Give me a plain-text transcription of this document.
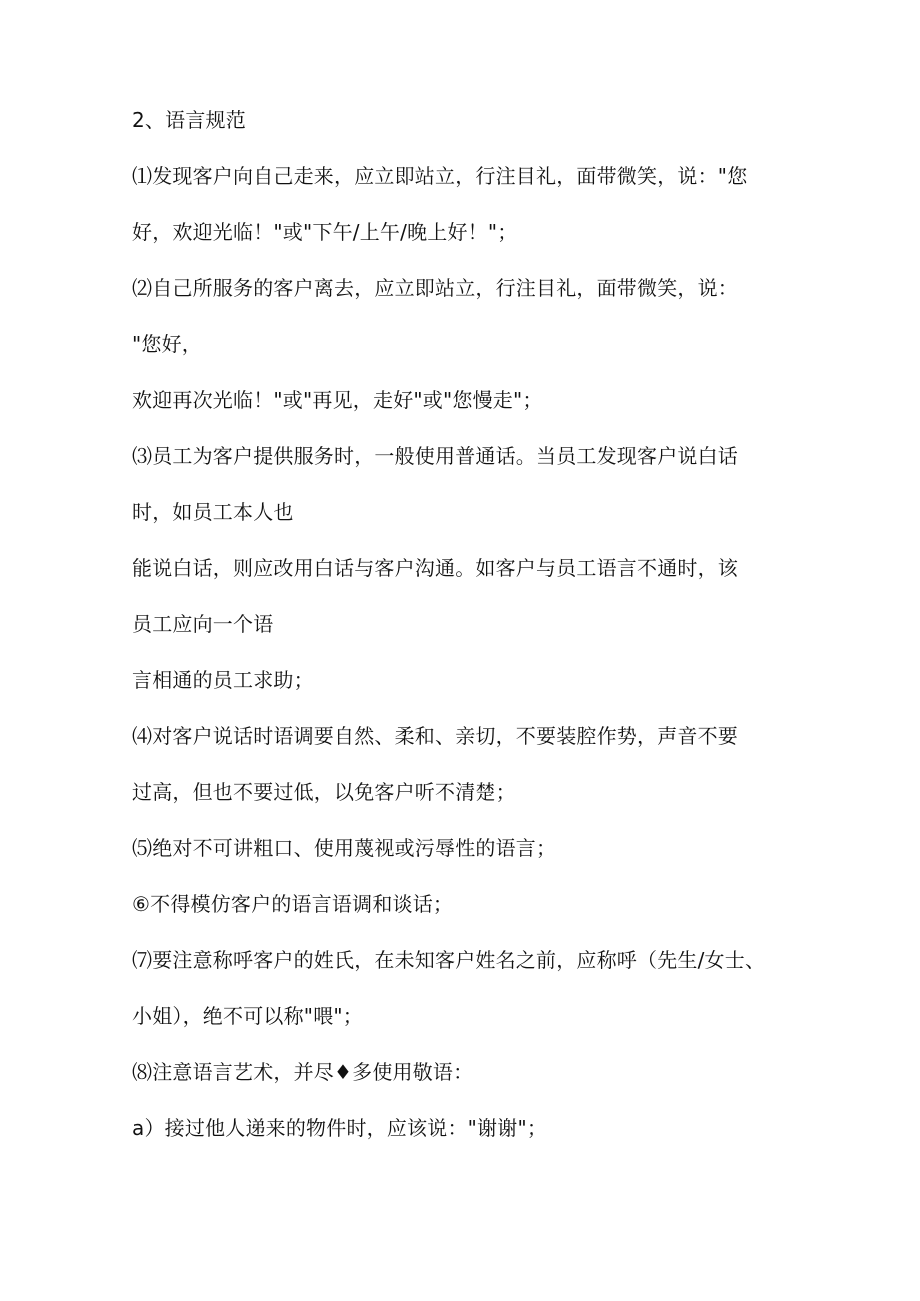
2、语言规范
⑴发现客户向自己走来，应立即站立，行注目礼，面带微笑，说："您
好，欢迎光临！"或"下午/上午/晚上好！"；
⑵自己所服务的客户离去，应立即站立，行注目礼，面带微笑，说：
"您好，
欢迎再次光临！"或"再见，走好"或"您慢走"；
⑶员工为客户提供服务时，一般使用普通话。当员工发现客户说白话
时，如员工本人也
能说白话，则应改用白话与客户沟通。如客户与员工语言不通时，该
员工应向一个语
言相通的员工求助；
⑷对客户说话时语调要自然、柔和、亲切，不要装腔作势，声音不要
过高，但也不要过低，以免客户听不清楚；
⑸绝对不可讲粗口、使用蔑视或污辱性的语言；
⑥不得模仿客户的语言语调和谈话；
⑺要注意称呼客户的姓氏，在未知客户姓名之前，应称呼（先生/女士、
小姐），绝不可以称"喂"；
⑻注意语言艺术，并尽♦多使用敬语：
a）接过他人递来的物件时，应该说："谢谢"；
